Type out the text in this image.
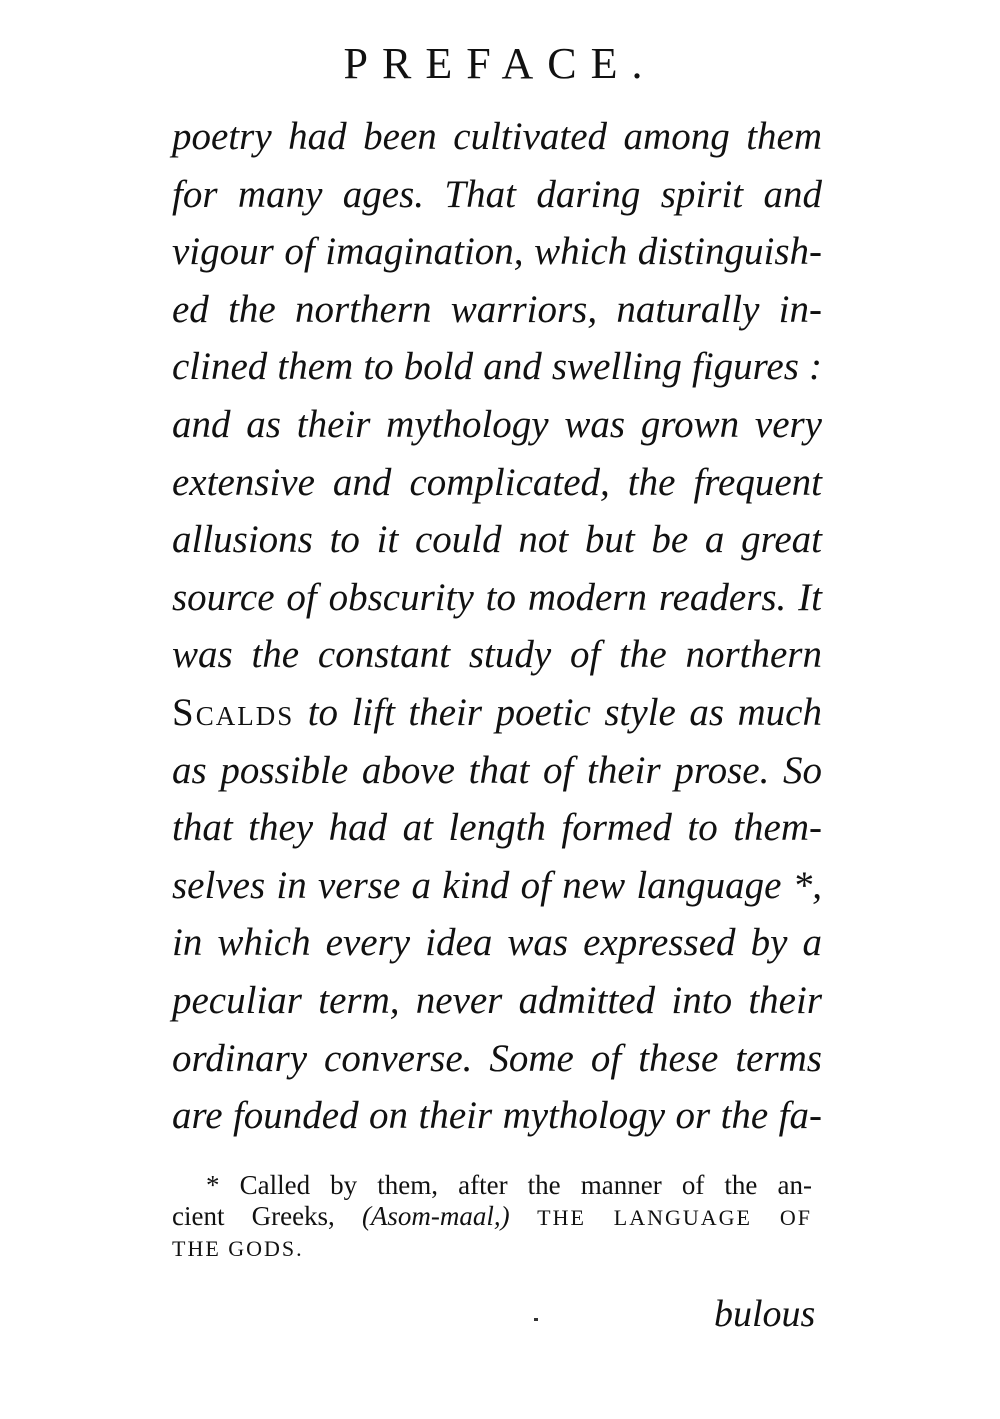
PREFACE.
poetry had been cultivated among them
for many ages. That daring spirit and
vigour of imagination, which distinguish-
ed the northern warriors, naturally in-
clined them to bold and swelling figures :
and as their mythology was grown very
extensive and complicated, the frequent
allusions to it could not but be a great
source of obscurity to modern readers. It
was the constant study of the northern
Scalds to lift their poetic style as much
as possible above that of their prose. So
that they had at length formed to them-
selves in verse a kind of new language *,
in which every idea was expressed by a
peculiar term, never admitted into their
ordinary converse. Some of these terms
are founded on their mythology or the fa-
* Called by them, after the manner of the an-
cient Greeks, (Asom-maal,) THE LANGUAGE OF
THE GODS.
bulous
